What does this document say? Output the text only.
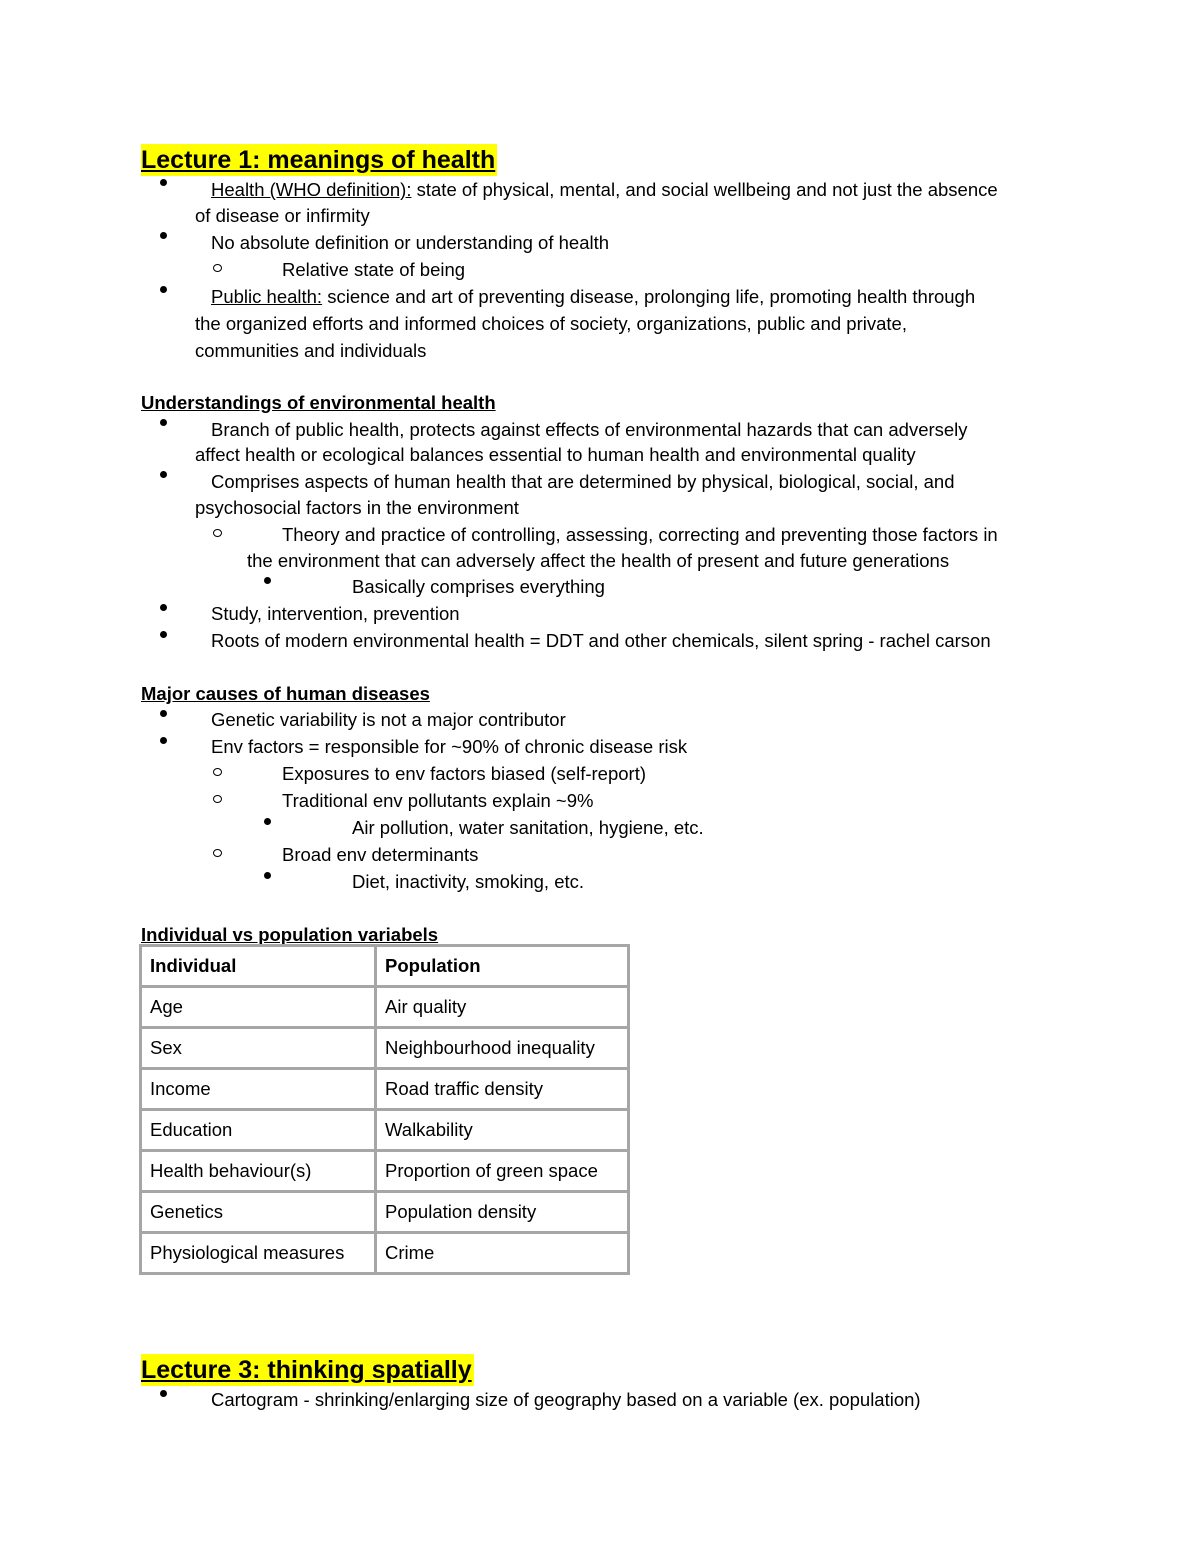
Lecture 1: meanings of health
Health (WHO definition): state of physical, mental, and social wellbeing and not just the absence
of disease or infirmity
No absolute definition or understanding of health
Relative state of being
Public health: science and art of preventing disease, prolonging life, promoting health through
the organized efforts and informed choices of society, organizations, public and private,
communities and individuals
Understandings of environmental health
Branch of public health, protects against effects of environmental hazards that can adversely
affect health or ecological balances essential to human health and environmental quality
Comprises aspects of human health that are determined by physical, biological, social, and
psychosocial factors in the environment
Theory and practice of controlling, assessing, correcting and preventing those factors in
the environment that can adversely affect the health of present and future generations
Basically comprises everything
Study, intervention, prevention
Roots of modern environmental health = DDT and other chemicals, silent spring - rachel carson
Major causes of human diseases
Genetic variability is not a major contributor
Env factors = responsible for ~90% of chronic disease risk
Exposures to env factors biased (self-report)
Traditional env pollutants explain ~9%
Air pollution, water sanitation, hygiene, etc.
Broad env determinants
Diet, inactivity, smoking, etc.
Individual vs population variabels
Individual	Population
Age	Air quality
Sex	Neighbourhood inequality
Income	Road traffic density
Education	Walkability
Health behaviour(s)	Proportion of green space
Genetics	Population density
Physiological measures	Crime
Lecture 3: thinking spatially
Cartogram - shrinking/enlarging size of geography based on a variable (ex. population)
